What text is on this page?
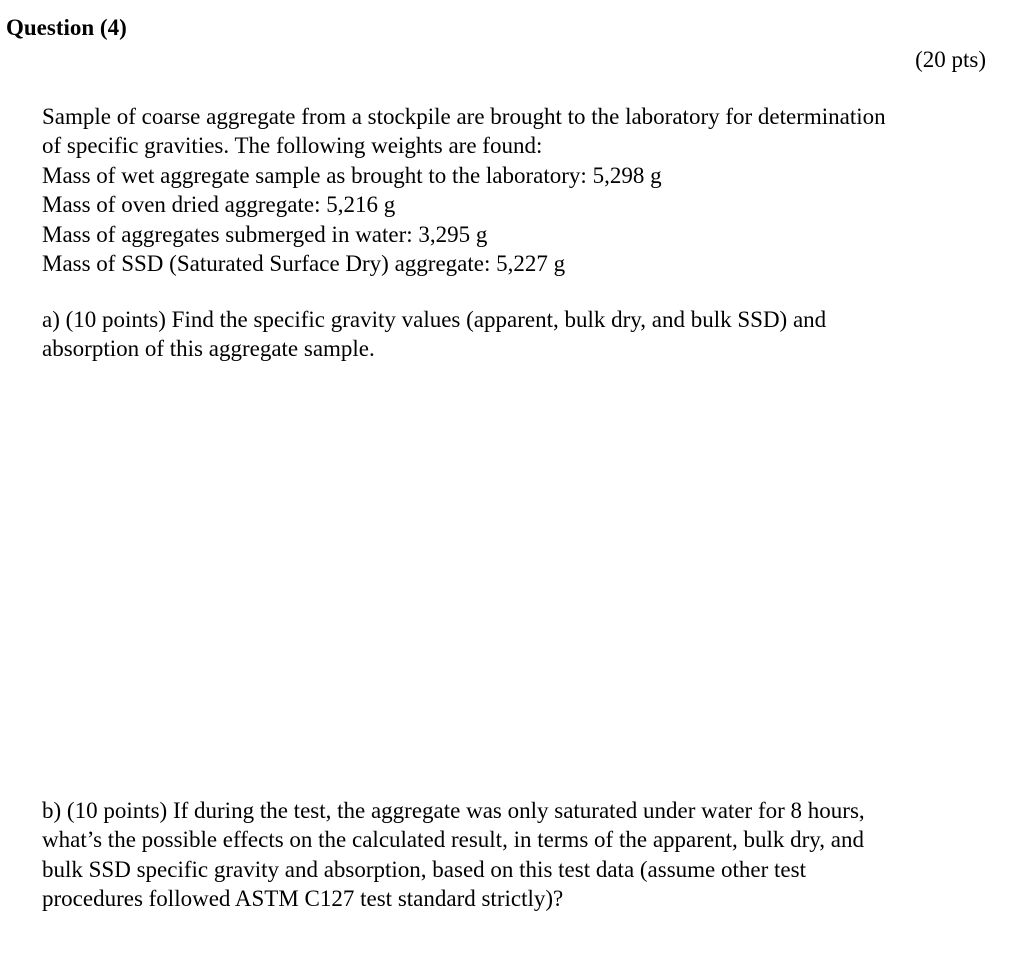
Question (4)
(20 pts)
Sample of coarse aggregate from a stockpile are brought to the laboratory for determination
of specific gravities. The following weights are found:
Mass of wet aggregate sample as brought to the laboratory: 5,298 g
Mass of oven dried aggregate: 5,216 g
Mass of aggregates submerged in water: 3,295 g
Mass of SSD (Saturated Surface Dry) aggregate: 5,227 g
a) (10 points) Find the specific gravity values (apparent, bulk dry, and bulk SSD) and
absorption of this aggregate sample.
b) (10 points) If during the test, the aggregate was only saturated under water for 8 hours,
what’s the possible effects on the calculated result, in terms of the apparent, bulk dry, and
bulk SSD specific gravity and absorption, based on this test data (assume other test
procedures followed ASTM C127 test standard strictly)?
